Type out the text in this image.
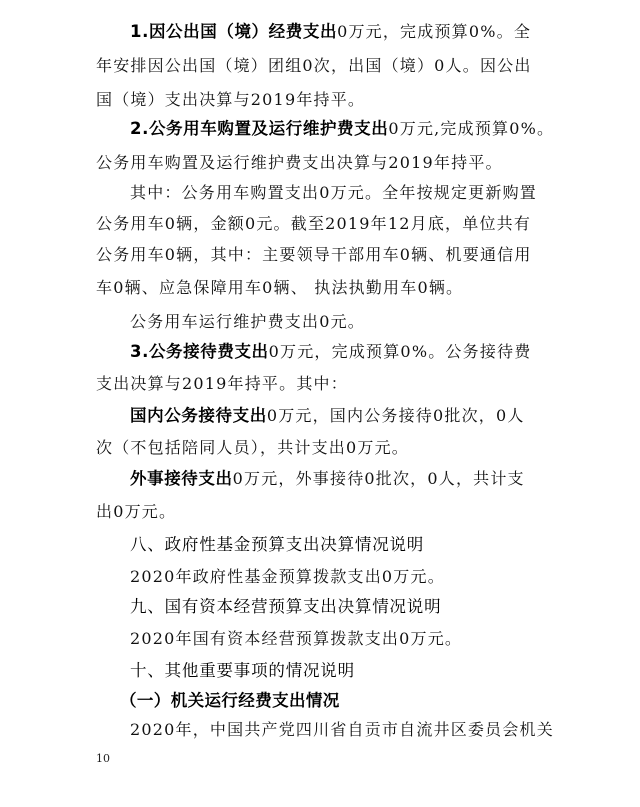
1.因公出国（境）经费支出0万元，完成预算0%。全
年安排因公出国（境）团组0次，出国（境）0人。因公出
国（境）支出决算与2019年持平。
2.公务用车购置及运行维护费支出0万元,完成预算0%。
公务用车购置及运行维护费支出决算与2019年持平。
其中：公务用车购置支出0万元。全年按规定更新购置
公务用车0辆，金额0元。截至2019年12月底，单位共有
公务用车0辆，其中：主要领导干部用车0辆、机要通信用
车0辆、应急保障用车0辆、 执法执勤用车0辆。
公务用车运行维护费支出0元。
3.公务接待费支出0万元，完成预算0%。公务接待费
支出决算与2019年持平。其中：
国内公务接待支出0万元，国内公务接待0批次，0人
次（不包括陪同人员），共计支出0万元。
外事接待支出0万元，外事接待0批次，0人，共计支
出0万元。
八、政府性基金预算支出决算情况说明
2020年政府性基金预算拨款支出0万元。
九、国有资本经营预算支出决算情况说明
2020年国有资本经营预算拨款支出0万元。
十、其他重要事项的情况说明
（一）机关运行经费支出情况
2020年，中国共产党四川省自贡市自流井区委员会机关
10
